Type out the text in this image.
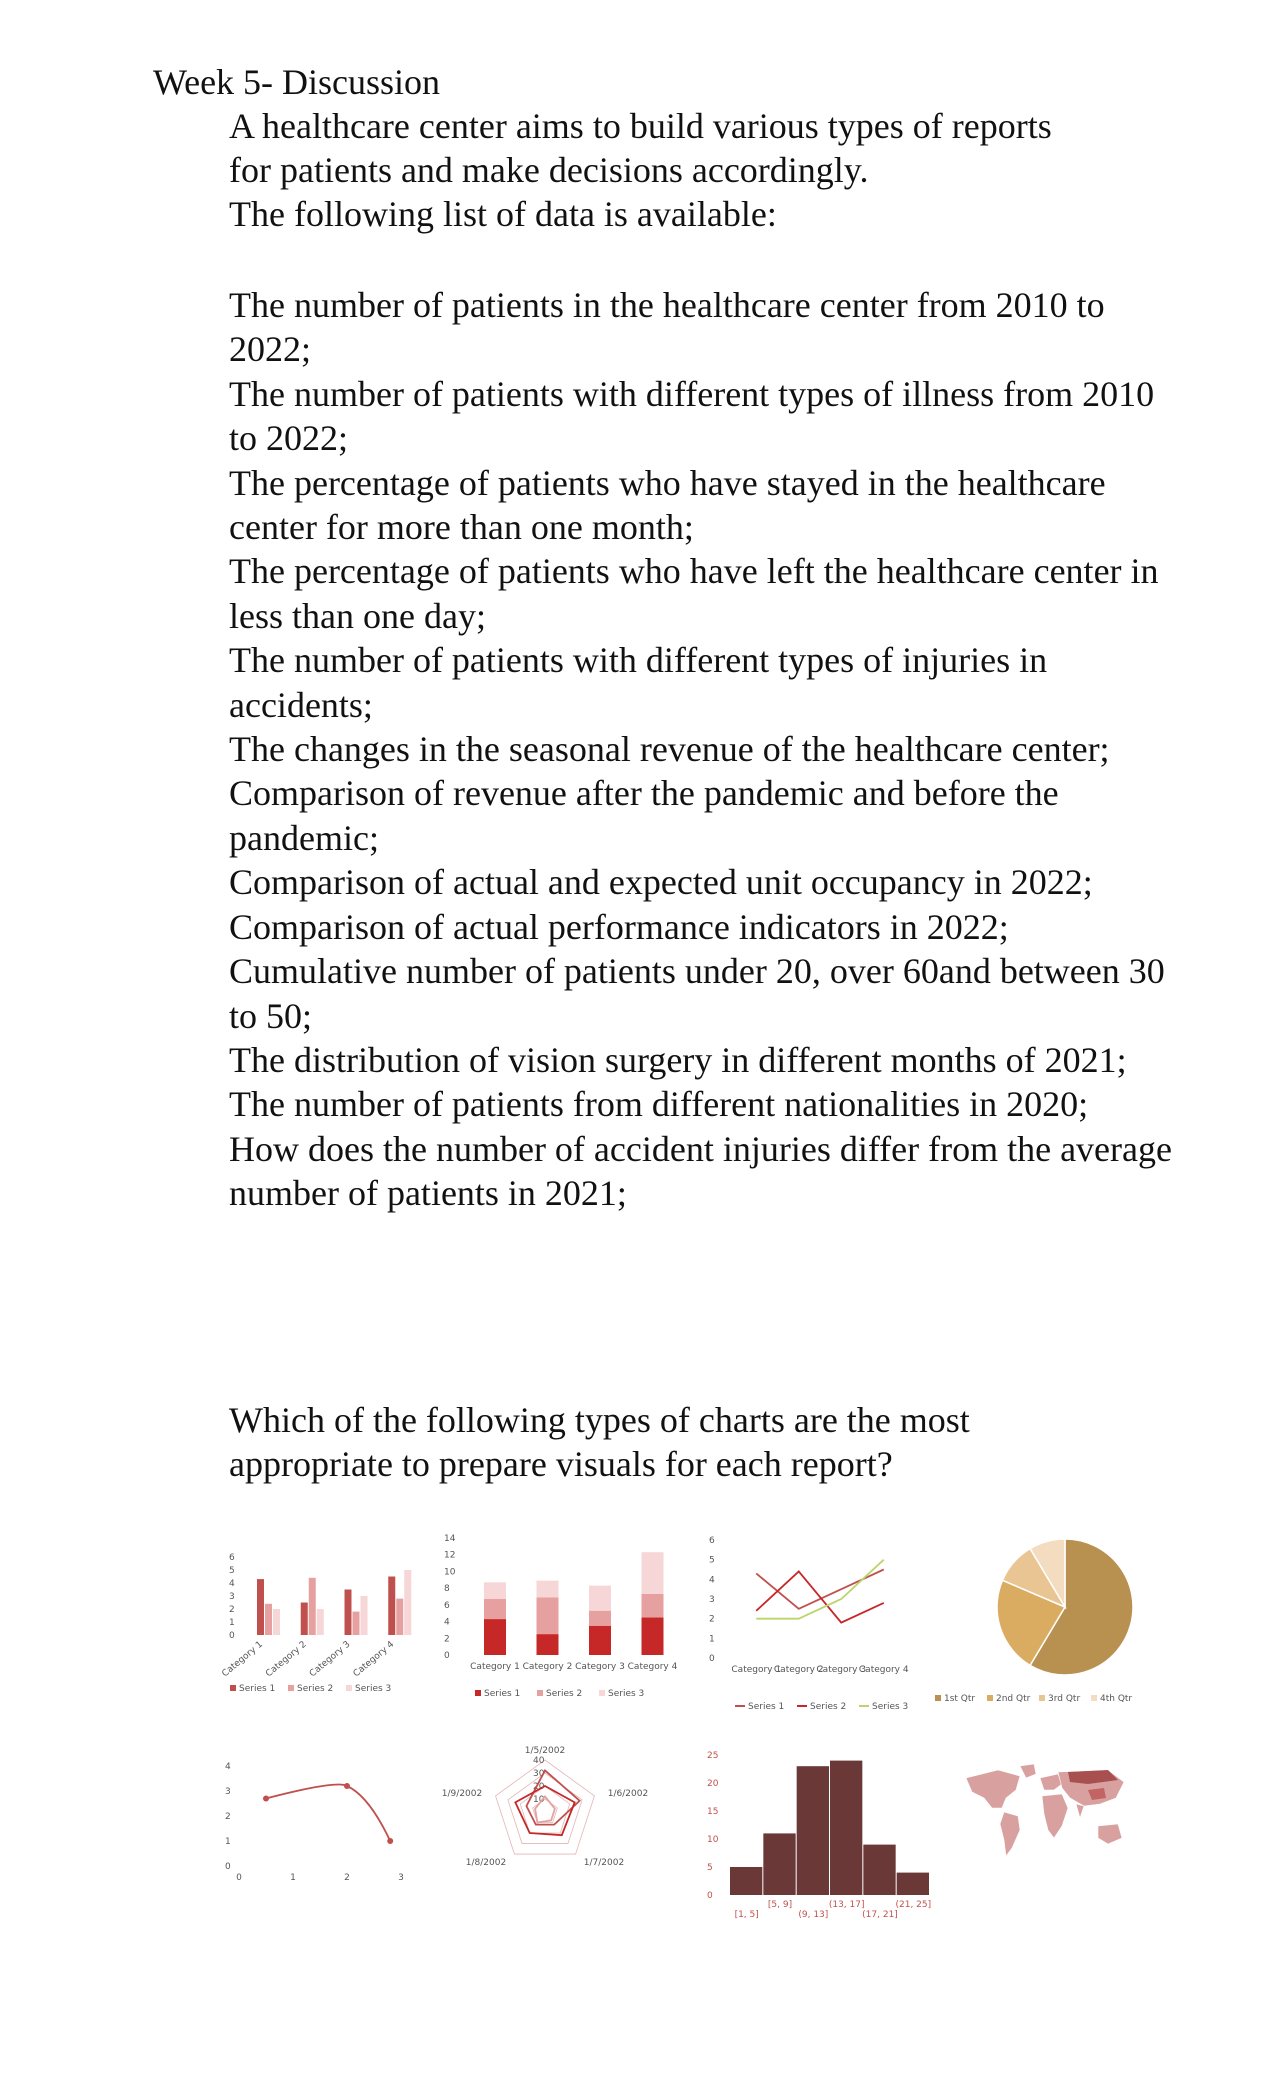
Week 5- Discussion

A healthcare center aims to build various types of reports

for patients and make decisions accordingly.

The following list of data is available:

The number of patients in the healthcare center from 2010 to 2022;
The number of patients with different types of illness from 2010 to 2022;
The percentage of patients who have stayed in the healthcare center for more than one month;
The percentage of patients who have left the healthcare center in less than one day;
The number of patients with different types of injuries in accidents;
The changes in the seasonal revenue of the healthcare center;
Comparison of revenue after the pandemic and before the pandemic;
Comparison of actual and expected unit occupancy in 2022;
Comparison of actual performance indicators in 2022;
Cumulative number of patients under 20, over 60and between 30 to 50;
The distribution of vision surgery in different months of 2021;
The number of patients from different nationalities in 2020;
How does the number of accident injuries differ from the average number of patients in 2021;

Which of the following types of charts are the most

appropriate to prepare visuals for each report?

0
1
2
3
4
5
6
Category 1 Category 2 Category 3 Category 4
Series 1 Series 2 Series 3
0
2
4
6
8
10
12
14
Category 1 Category 2 Category 3 Category 4
Series 1	Series 2	Series 3
0
1
2
3
4
5
6
Category 1
Category 2
Category 3
Category 4
Series 1	Series 2	Series 3
1st Qtr 2nd Qtr 3rd Qtr 4th Qtr
0
1
2
3
4
0	1	2	3
10
20
30
40
1/5/2002
1/6/2002
1/7/2002
1/8/2002
1/9/2002
0
5
10
15
20
25
[1, 5]
[5, 9]
(9, 13]
(13, 17]
(17, 21]
(21, 25]
